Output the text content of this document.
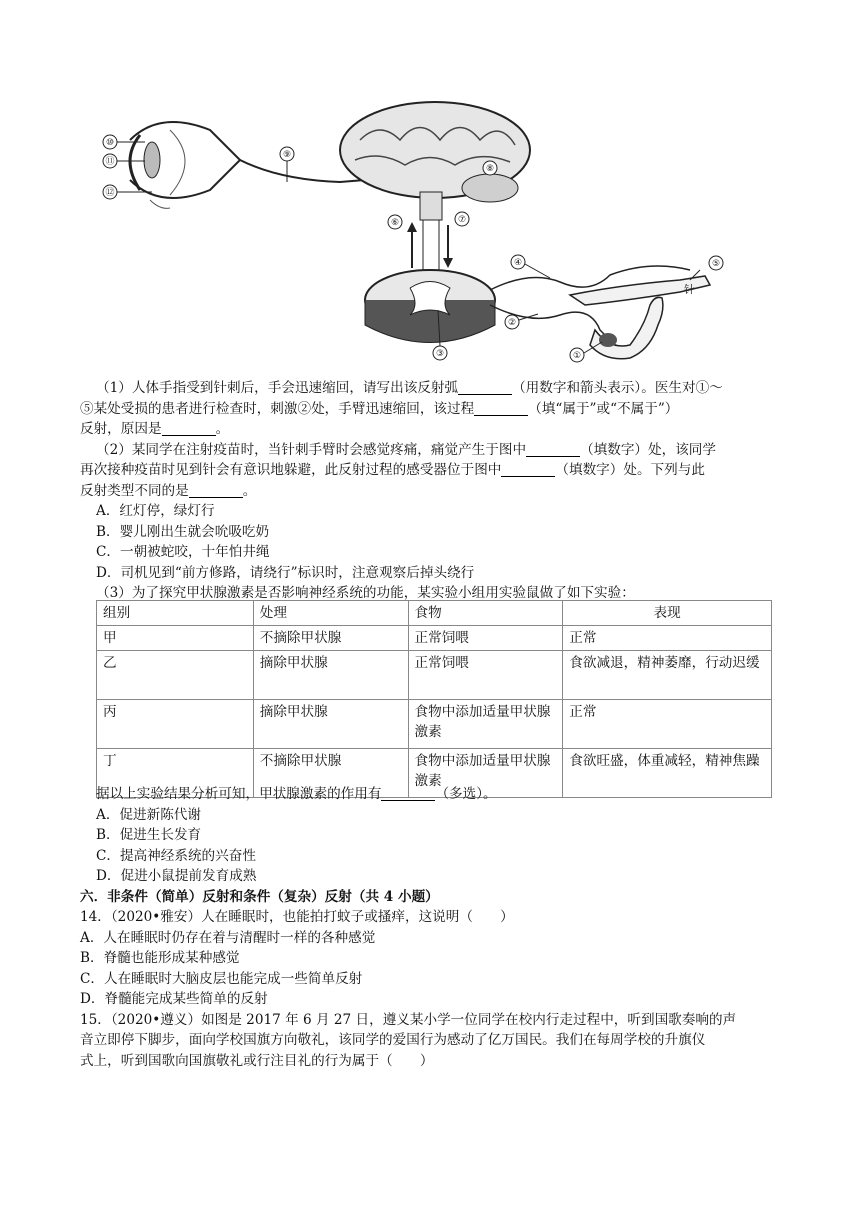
⑩
⑪
⑫
⑨
⑧
⑥	⑦
④	⑤
针
②
③	①

（1）人体手指受到针刺后，手会迅速缩回，请写出该反射弧	（用数字和箭头表示）。医生对①～

⑤某处受损的患者进行检查时，刺激②处，手臂迅速缩回，该过程	（填“属于”或“不属于”）

反射，原因是	。

（2）某同学在注射疫苗时，当针刺手臂时会感觉疼痛，痛觉产生于图中	（填数字）处，该同学

再次接种疫苗时见到针会有意识地躲避，此反射过程的感受器位于图中	（填数字）处。下列与此

反射类型不同的是	。

A．红灯停，绿灯行

B．婴儿刚出生就会吮吸吃奶

C．一朝被蛇咬，十年怕井绳

D．司机见到“前方修路，请绕行”标识时，注意观察后掉头绕行

（3）为了探究甲状腺激素是否影响神经系统的功能，某实验小组用实验鼠做了如下实验：

组别	处理	食物	表现
甲	不摘除甲状腺	正常饲喂	正常
乙	摘除甲状腺	正常饲喂	食欲减退，精神萎靡，行动迟缓
丙	摘除甲状腺	食物中添加适量甲状腺激素	正常
丁	不摘除甲状腺	食物中添加适量甲状腺激素	食欲旺盛，体重减轻，精神焦躁

据以上实验结果分析可知，甲状腺激素的作用有	（多选）。

A．促进新陈代谢

B．促进生长发育

C．提高神经系统的兴奋性

D．促进小鼠提前发育成熟

六．非条件（简单）反射和条件（复杂）反射（共 4 小题）

14．（2020•雅安）人在睡眠时，也能拍打蚊子或搔痒，这说明（　　）

A．人在睡眠时仍存在着与清醒时一样的各种感觉

B．脊髓也能形成某种感觉

C．人在睡眠时大脑皮层也能完成一些简单反射

D．脊髓能完成某些简单的反射

15．（2020•遵义）如图是 2017 年 6 月 27 日，遵义某小学一位同学在校内行走过程中，听到国歌奏响的声

音立即停下脚步，面向学校国旗方向敬礼，该同学的爱国行为感动了亿万国民。我们在每周学校的升旗仪

式上，听到国歌向国旗敬礼或行注目礼的行为属于（　　）
